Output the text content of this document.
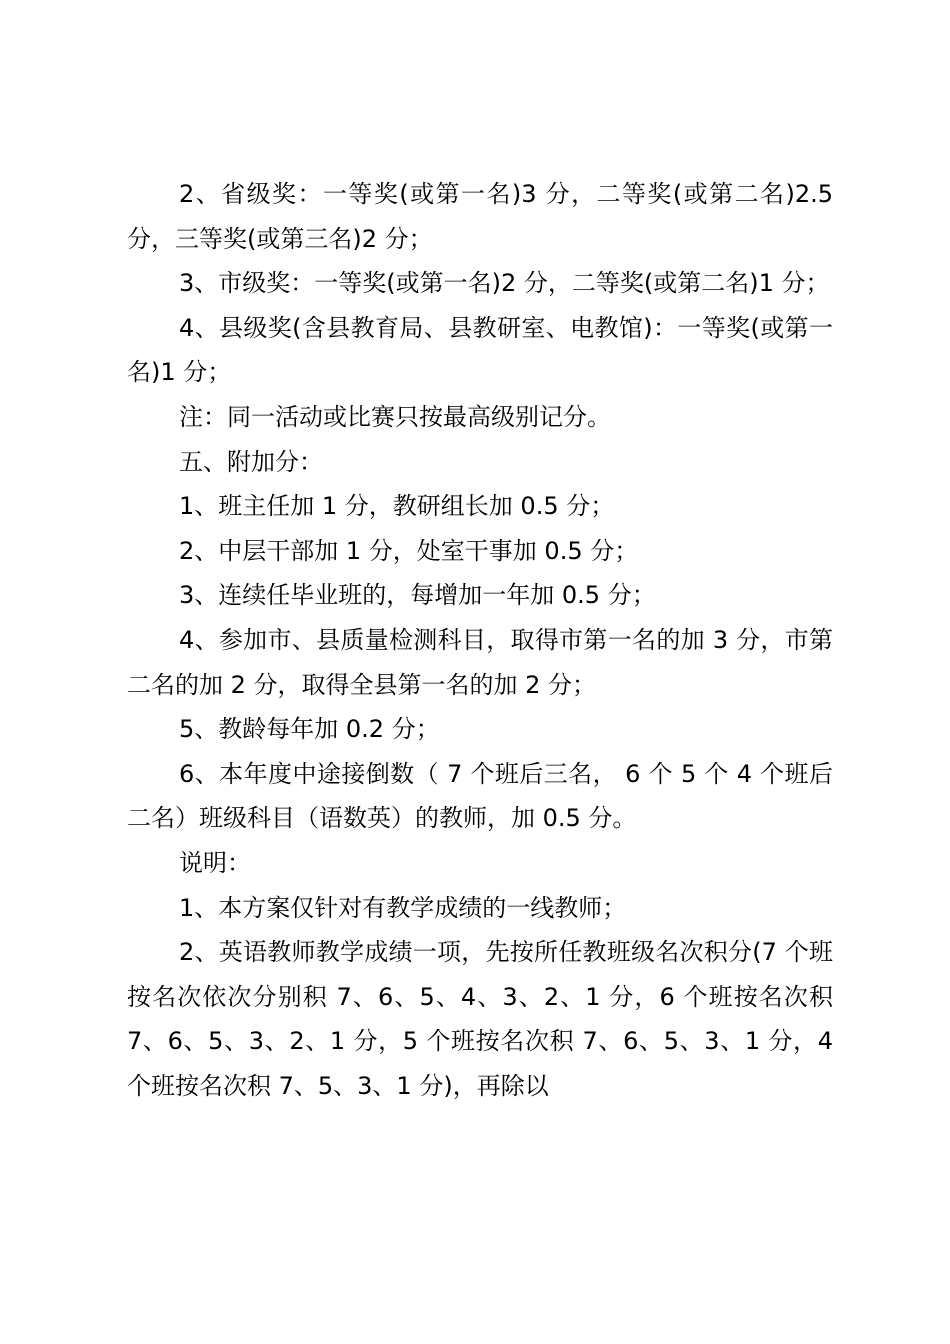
2、省级奖：一等奖(或第一名)3 分，二等奖(或第二名)2.5 分，三等奖(或第三名)2 分；

3、市级奖：一等奖(或第一名)2 分，二等奖(或第二名)1 分；

4、县级奖(含县教育局、县教研室、电教馆)：一等奖(或第一名)1 分；

注：同一活动或比赛只按最高级别记分。

五、附加分：

1、班主任加 1 分，教研组长加 0.5 分；

2、中层干部加 1 分，处室干事加 0.5 分；

3、连续任毕业班的，每增加一年加 0.5 分；

4、参加市、县质量检测科目，取得市第一名的加 3 分，市第二名的加 2 分，取得全县第一名的加 2 分；

5、教龄每年加 0.2 分；

6、本年度中途接倒数（ 7 个班后三名， 6 个 5 个 4 个班后二名）班级科目（语数英）的教师，加 0.5 分。

说明：

1、本方案仅针对有教学成绩的一线教师；

2、英语教师教学成绩一项，先按所任教班级名次积分(7 个班按名次依次分别积 7、6、5、4、3、2、1 分，6 个班按名次积 7、6、5、3、2、1 分，5 个班按名次积 7、6、5、3、1 分，4 个班按名次积 7、5、3、1 分)，再除以
